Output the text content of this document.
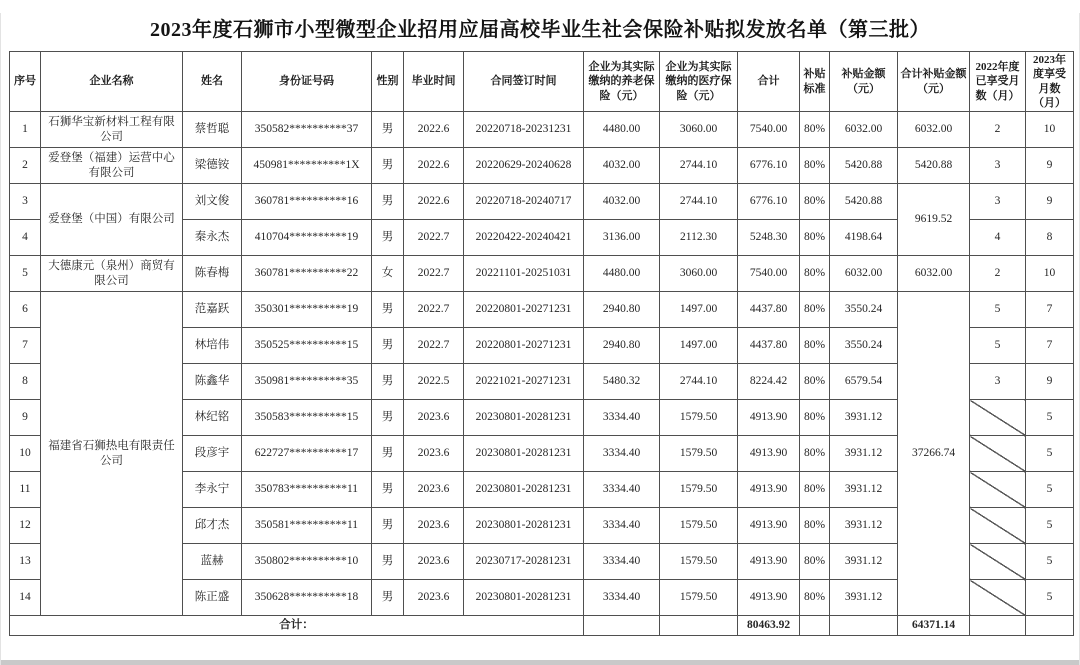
2023年度石狮市小型微型企业招用应届高校毕业生社会保险补贴拟发放名单（第三批）
序号	企业名称	姓名	身份证号码	性别	毕业时间	合同签订时间	企业为其实际缴纳的养老保险（元）	企业为其实际缴纳的医疗保险（元）	合计	补贴标准	补贴金额（元）	合计补贴金额（元）	2022年度已享受月数（月）	2023年度享受月数（月）
1	石狮华宝新材料工程有限公司	蔡哲聪	350582**********37	男	2022.6	20220718-20231231	4480.00	3060.00	7540.00	80%	6032.00	6032.00	2	10
2	爱登堡（福建）运营中心有限公司	梁德铵	450981**********1X	男	2022.6	20220629-20240628	4032.00	2744.10	6776.10	80%	5420.88	5420.88	3	9
3	爱登堡（中国）有限公司	刘文俊	360781**********16	男	2022.6	20220718-20240717	4032.00	2744.10	6776.10	80%	5420.88	9619.52	3	9
4		秦永杰	410704**********19	男	2022.7	20220422-20240421	3136.00	2112.30	5248.30	80%	4198.64		4	8
5	大德康元（泉州）商贸有限公司	陈春梅	360781**********22	女	2022.7	20221101-20251031	4480.00	3060.00	7540.00	80%	6032.00	6032.00	2	10
6	福建省石狮热电有限责任公司	范嘉跃	350301**********19	男	2022.7	20220801-20271231	2940.80	1497.00	4437.80	80%	3550.24	37266.74	5	7
7		林培伟	350525**********15	男	2022.7	20220801-20271231	2940.80	1497.00	4437.80	80%	3550.24		5	7
8		陈鑫华	350981**********35	男	2022.5	20221021-20271231	5480.32	2744.10	8224.42	80%	6579.54		3	9
9		林纪铭	350583**********15	男	2023.6	20230801-20281231	3334.40	1579.50	4913.90	80%	3931.12			5
10		段彦宇	622727**********17	男	2023.6	20230801-20281231	3334.40	1579.50	4913.90	80%	3931.12			5
11		李永宁	350783**********11	男	2023.6	20230801-20281231	3334.40	1579.50	4913.90	80%	3931.12			5
12		邱才杰	350581**********11	男	2023.6	20230801-20281231	3334.40	1579.50	4913.90	80%	3931.12			5
13		蓝赫	350802**********10	男	2023.6	20230717-20281231	3334.40	1579.50	4913.90	80%	3931.12			5
14		陈正盛	350628**********18	男	2023.6	20230801-20281231	3334.40	1579.50	4913.90	80%	3931.12			5
合计：									80463.92			64371.14		
